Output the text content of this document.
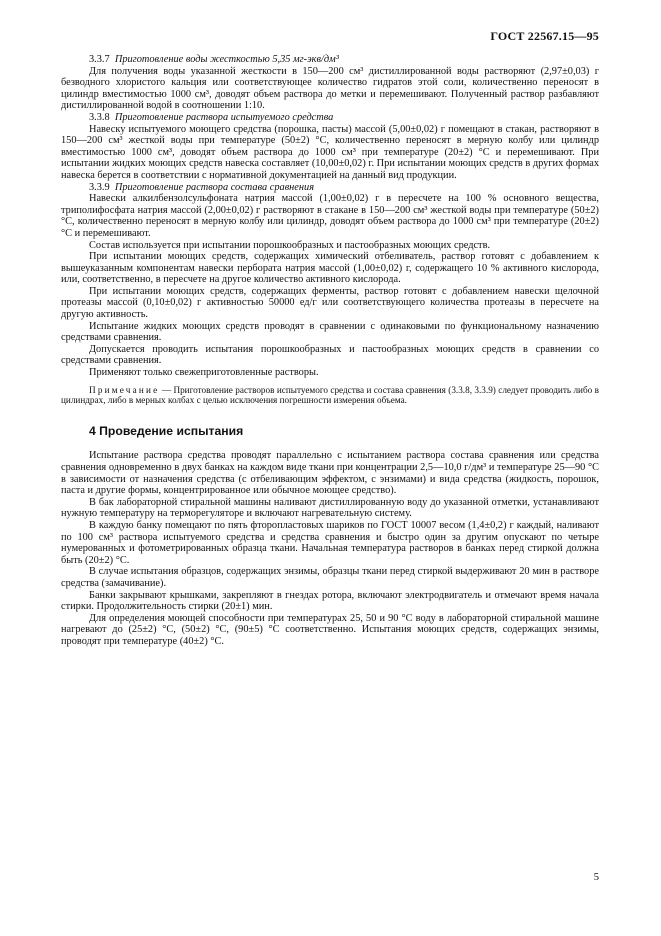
ГОСТ 22567.15—95

3.3.7 Приготовление воды жесткостью 5,35 мг-экв/дм³

Для получения воды указанной жесткости в 150—200 см³ дистиллированной воды растворяют (2,97±0,03) г безводного хлористого кальция или соответствующее количество гидратов этой соли, количественно переносят в цилиндр вместимостью 1000 см³, доводят объем раствора до метки и перемешивают. Полученный раствор разбавляют дистиллированной водой в соотношении 1:10.

3.3.8 Приготовление раствора испытуемого средства

Навеску испытуемого моющего средства (порошка, пасты) массой (5,00±0,02) г помещают в стакан, растворяют в 150—200 см³ жесткой воды при температуре (50±2) °С, количественно переносят в мерную колбу или цилиндр вместимостью 1000 см³, доводят объем раствора до 1000 см³ при температуре (20±2) °С и перемешивают. При испытании жидких моющих средств навеска составляет (10,00±0,02) г. При испытании моющих средств в других формах навеска берется в соответствии с нормативной документацией на данный вид продукции.

3.3.9 Приготовление раствора состава сравнения

Навески алкилбензолсульфоната натрия массой (1,00±0,02) г в пересчете на 100 % основного вещества, триполифосфата натрия массой (2,00±0,02) г растворяют в стакане в 150—200 см³ жесткой воды при температуре (50±2) °С, количественно переносят в мерную колбу или цилиндр, доводят объем раствора до 1000 см³ при температуре (20±2) °С и перемешивают.

Состав используется при испытании порошкообразных и пастообразных моющих средств.

При испытании моющих средств, содержащих химический отбеливатель, раствор готовят с добавлением к вышеуказанным компонентам навески пербората натрия массой (1,00±0,02) г, содержащего 10 % активного кислорода, или, соответственно, в пересчете на другое количество активного кислорода.

При испытании моющих средств, содержащих ферменты, раствор готовят с добавлением навески щелочной протеазы массой (0,10±0,02) г активностью 50000 ед/г или соответствующего количества протеазы в пересчете на другую активность.

Испытание жидких моющих средств проводят в сравнении с одинаковыми по функциональному назначению средствами сравнения.

Допускается проводить испытания порошкообразных и пастообразных моющих средств в сравнении со средствами сравнения.

Применяют только свежеприготовленные растворы.

Примечание — Приготовление растворов испытуемого средства и состава сравнения (3.3.8, 3.3.9) следует проводить либо в цилиндрах, либо в мерных колбах с целью исключения погрешности измерения объема.

4 Проведение испытания

Испытание раствора средства проводят параллельно с испытанием раствора состава сравнения или средства сравнения одновременно в двух банках на каждом виде ткани при концентрации 2,5—10,0 г/дм³ и температуре 25—90 °С в зависимости от назначения средства (с отбеливающим эффектом, с энзимами) и вида средства (жидкость, порошок, паста и другие формы, концентрированное или обычное моющее средство).

В бак лабораторной стиральной машины наливают дистиллированную воду до указанной отметки, устанавливают нужную температуру на терморегуляторе и включают нагревательную систему.

В каждую банку помещают по пять фторопластовых шариков по ГОСТ 10007 весом (1,4±0,2) г каждый, наливают по 100 см³ раствора испытуемого средства и средства сравнения и быстро один за другим опускают по четыре нумерованных и фотометрированных образца ткани. Начальная температура растворов в банках перед стиркой должна быть (20±2) °С.

В случае испытания образцов, содержащих энзимы, образцы ткани перед стиркой выдерживают 20 мин в растворе средства (замачивание).

Банки закрывают крышками, закрепляют в гнездах ротора, включают электродвигатель и отмечают время начала стирки. Продолжительность стирки (20±1) мин.

Для определения моющей способности при температурах 25, 50 и 90 °С воду в лабораторной стиральной машине нагревают до (25±2) °С, (50±2) °С, (90±5) °С соответственно. Испытания моющих средств, содержащих энзимы, проводят при температуре (40±2) °С.

5
